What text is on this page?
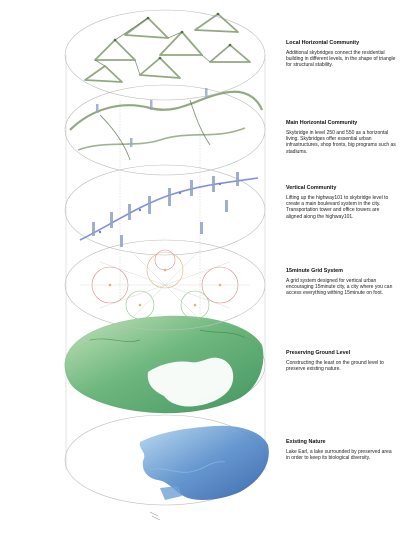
Local Horizontal Community

Additional skybridges connect the residential building in different levels, in the shape of triangle for structural stability.

Main Horizontal Community

Skybridge in level 250 and 550 as a horizontal living. Skybridges offer essential urban infrastructures, shop fronts, big programs such as stadiums.

Vertical Community

Lifting up the highway101 to skybridge level to create a main boulevard system in the city. Transportation tower and office towers are aligned along the highway101.

15minute Grid System

A grid system designed for vertical urban encouraging 15minute city, a city where you can access everything withing 15minute on foot.

Preserving Ground Level

Constructing the least on the ground level to preserve existing nature.

Existing Nature

Lake Earl, a lake surrounded by preserved area in order to keep its biological diversity.
